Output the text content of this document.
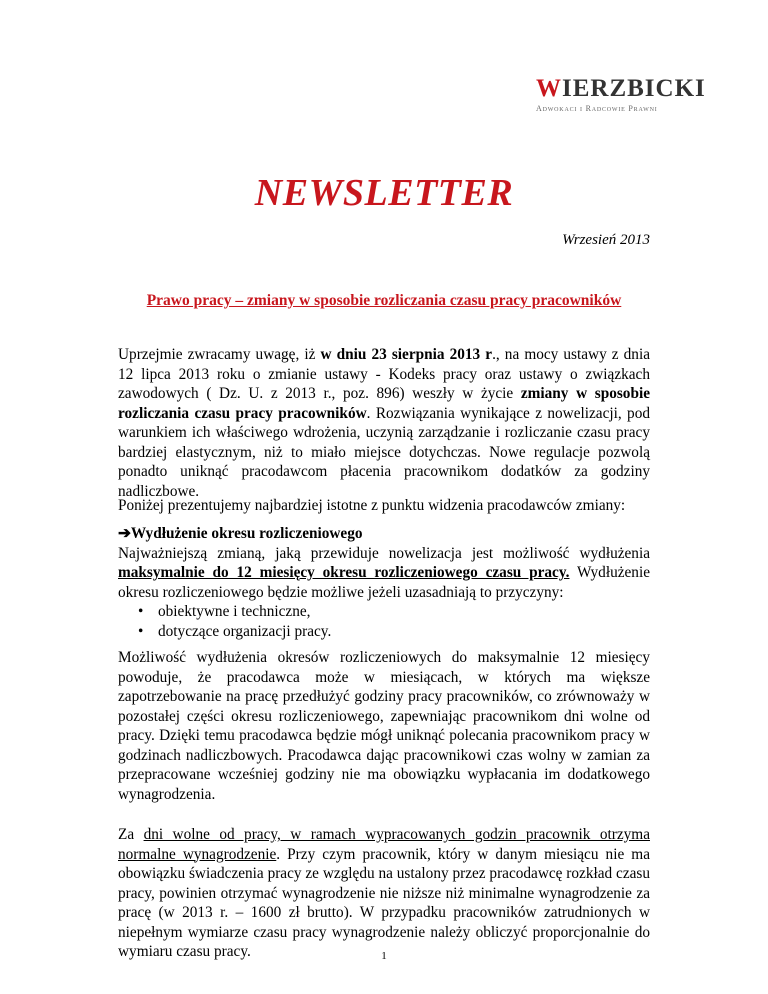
WIERZBICKI
Adwokaci i Radcowie Prawni
NEWSLETTER
Wrzesień 2013
Prawo pracy – zmiany w sposobie rozliczania czasu pracy pracowników
Uprzejmie zwracamy uwagę, iż w dniu 23 sierpnia 2013 r., na mocy ustawy z dnia 12 lipca 2013 roku o zmianie ustawy - Kodeks pracy oraz ustawy o związkach zawodowych ( Dz. U. z 2013 r., poz. 896) weszły w życie zmiany w sposobie rozliczania czasu pracy pracowników. Rozwiązania wynikające z nowelizacji, pod warunkiem ich właściwego wdrożenia, uczynią zarządzanie i rozliczanie czasu pracy bardziej elastycznym, niż to miało miejsce dotychczas. Nowe regulacje pozwolą ponadto uniknąć pracodawcom płacenia pracownikom dodatków za godziny nadliczbowe.
Poniżej prezentujemy najbardziej istotne z punktu widzenia pracodawców zmiany:
➔Wydłużenie okresu rozliczeniowego
Najważniejszą zmianą, jaką przewiduje nowelizacja jest możliwość wydłużenia maksymalnie do 12 miesięcy okresu rozliczeniowego czasu pracy. Wydłużenie okresu rozliczeniowego będzie możliwe jeżeli uzasadniają to przyczyny:
• obiektywne i techniczne,
• dotyczące organizacji pracy.
Możliwość wydłużenia okresów rozliczeniowych do maksymalnie 12 miesięcy powoduje, że pracodawca może w miesiącach, w których ma większe zapotrzebowanie na pracę przedłużyć godziny pracy pracowników, co zrównoważy w pozostałej części okresu rozliczeniowego, zapewniając pracownikom dni wolne od pracy. Dzięki temu pracodawca będzie mógł uniknąć polecania pracownikom pracy w godzinach nadliczbowych. Pracodawca dając pracownikowi czas wolny w zamian za przepracowane wcześniej godziny nie ma obowiązku wypłacania im dodatkowego wynagrodzenia.
Za dni wolne od pracy, w ramach wypracowanych godzin pracownik otrzyma normalne wynagrodzenie. Przy czym pracownik, który w danym miesiącu nie ma obowiązku świadczenia pracy ze względu na ustalony przez pracodawcę rozkład czasu pracy, powinien otrzymać wynagrodzenie nie niższe niż minimalne wynagrodzenie za pracę (w 2013 r. – 1600 zł brutto). W przypadku pracowników zatrudnionych w niepełnym wymiarze czasu pracy wynagrodzenie należy obliczyć proporcjonalnie do wymiaru czasu pracy.	1
